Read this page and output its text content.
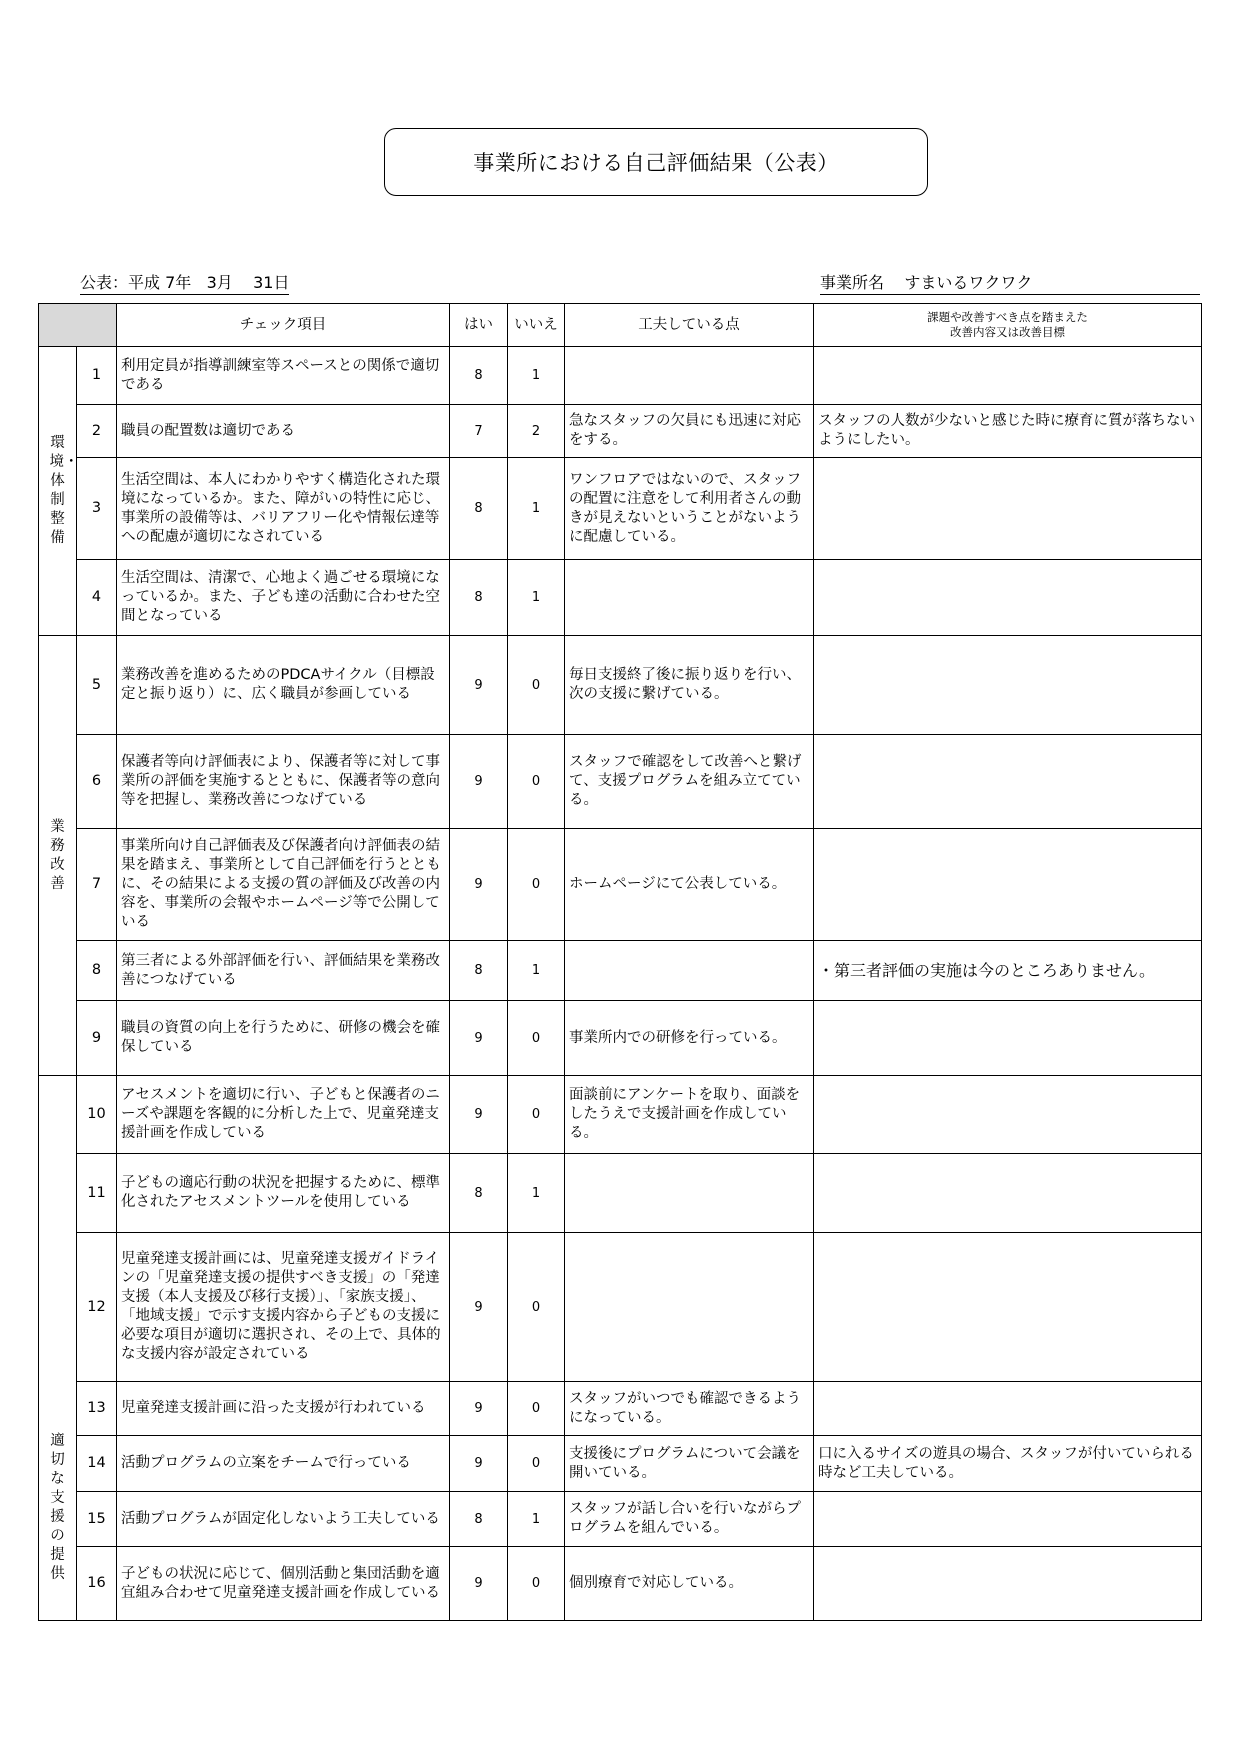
事業所における自己評価結果（公表）
公表：平成 7年 3月 31日	事業所名 すまいるワクワク
		チェック項目	はい	いいえ	工夫している点	課題や改善すべき点を踏まえた
改善内容又は改善目標

環境・体制整備	1	利用定員が指導訓練室等スペースとの関係で適切である	8	1		
	2	職員の配置数は適切である	7	2	急なスタッフの欠員にも迅速に対応をする。	スタッフの人数が少ないと感じた時に療育に質が落ちないようにしたい。
	3	生活空間は、本人にわかりやすく構造化された環境になっているか。また、障がいの特性に応じ、事業所の設備等は、バリアフリー化や情報伝達等への配慮が適切になされている	8	1	ワンフロアではないので、スタッフの配置に注意をして利用者さんの動きが見えないということがないように配慮している。	
	4	生活空間は、清潔で、心地よく過ごせる環境になっているか。また、子ども達の活動に合わせた空間となっている	8	1		
業務改善	5	業務改善を進めるためのPDCAサイクル（目標設定と振り返り）に、広く職員が参画している	9	0	毎日支援終了後に振り返りを行い、次の支援に繋げている。	
	6	保護者等向け評価表により、保護者等に対して事業所の評価を実施するとともに、保護者等の意向等を把握し、業務改善につなげている	9	0	スタッフで確認をして改善へと繋げて、支援プログラムを組み立てている。	
	7	事業所向け自己評価表及び保護者向け評価表の結果を踏まえ、事業所として自己評価を行うとともに、その結果による支援の質の評価及び改善の内容を、事業所の会報やホームページ等で公開している	9	0	ホームページにて公表している。	
	8	第三者による外部評価を行い、評価結果を業務改善につなげている	8	1		・第三者評価の実施は今のところありません。
	9	職員の資質の向上を行うために、研修の機会を確保している	9	0	事業所内での研修を行っている。	
適切な支援の提供	10	アセスメントを適切に行い、子どもと保護者のニーズや課題を客観的に分析した上で、児童発達支援計画を作成している	9	0	面談前にアンケートを取り、面談をしたうえで支援計画を作成している。	
	11	子どもの適応行動の状況を把握するために、標準化されたアセスメントツールを使用している	8	1		
	12	児童発達支援計画には、児童発達支援ガイドラインの「児童発達支援の提供すべき支援」の「発達支援（本人支援及び移行支援）」、「家族支援」、「地域支援」で示す支援内容から子どもの支援に必要な項目が適切に選択され、その上で、具体的な支援内容が設定されている	9	0		
	13	児童発達支援計画に沿った支援が行われている	9	0	スタッフがいつでも確認できるようになっている。	
	14	活動プログラムの立案をチームで行っている	9	0	支援後にプログラムについて会議を開いている。	口に入るサイズの遊具の場合、スタッフが付いていられる時など工夫している。
	15	活動プログラムが固定化しないよう工夫している	8	1	スタッフが話し合いを行いながらプログラムを組んでいる。	
	16	子どもの状況に応じて、個別活動と集団活動を適宜組み合わせて児童発達支援計画を作成している	9	0	個別療育で対応している。	
